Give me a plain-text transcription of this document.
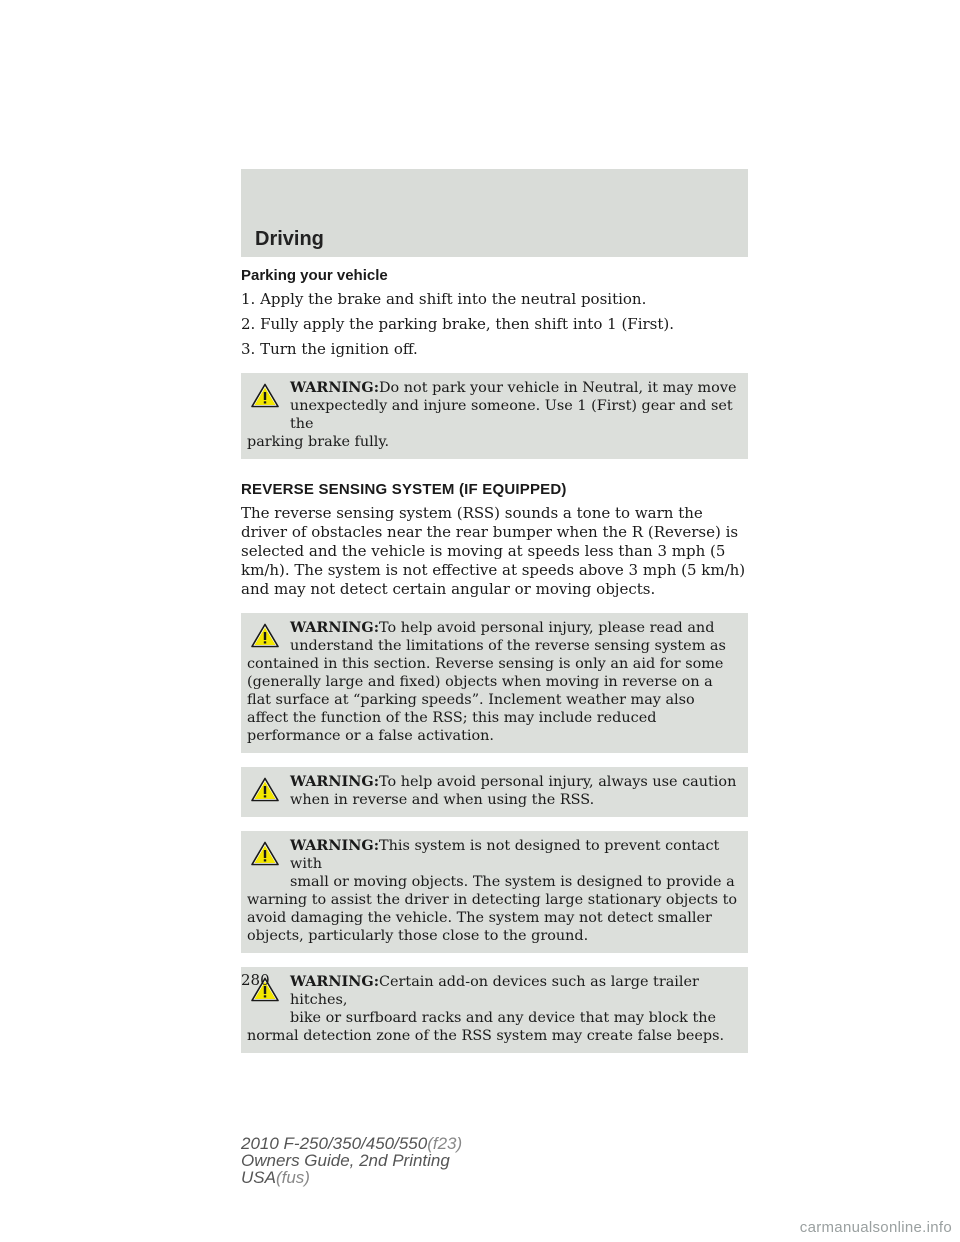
Driving
Parking your vehicle

1. Apply the brake and shift into the neutral position.

2. Fully apply the parking brake, then shift into 1 (First).

3. Turn the ignition off.

WARNING:Do not park your vehicle in Neutral, it may move
unexpectedly and injure someone. Use 1 (First) gear and set the
parking brake fully.
REVERSE SENSING SYSTEM (IF EQUIPPED)

The reverse sensing system (RSS) sounds a tone to warn the driver of obstacles near the rear bumper when the R (Reverse) is selected and the vehicle is moving at speeds less than 3 mph (5 km/h). The system is not effective at speeds above 3 mph (5 km/h) and may not detect certain angular or moving objects.

WARNING:To help avoid personal injury, please read and
understand the limitations of the reverse sensing system as
contained in this section. Reverse sensing is only an aid for some (generally large and fixed) objects when moving in reverse on a flat surface at “parking speeds”. Inclement weather may also affect the function of the RSS; this may include reduced performance or a false activation.
WARNING:To help avoid personal injury, always use caution
when in reverse and when using the RSS.
WARNING:This system is not designed to prevent contact with
small or moving objects. The system is designed to provide a
warning to assist the driver in detecting large stationary objects to avoid damaging the vehicle. The system may not detect smaller objects, particularly those close to the ground.
WARNING:Certain add-on devices such as large trailer hitches,
bike or surfboard racks and any device that may block the
normal detection zone of the RSS system may create false beeps.
280
2010 F-250/350/450/550(f23)
Owners Guide, 2nd Printing
USA(fus)
carmanualsonline.info
